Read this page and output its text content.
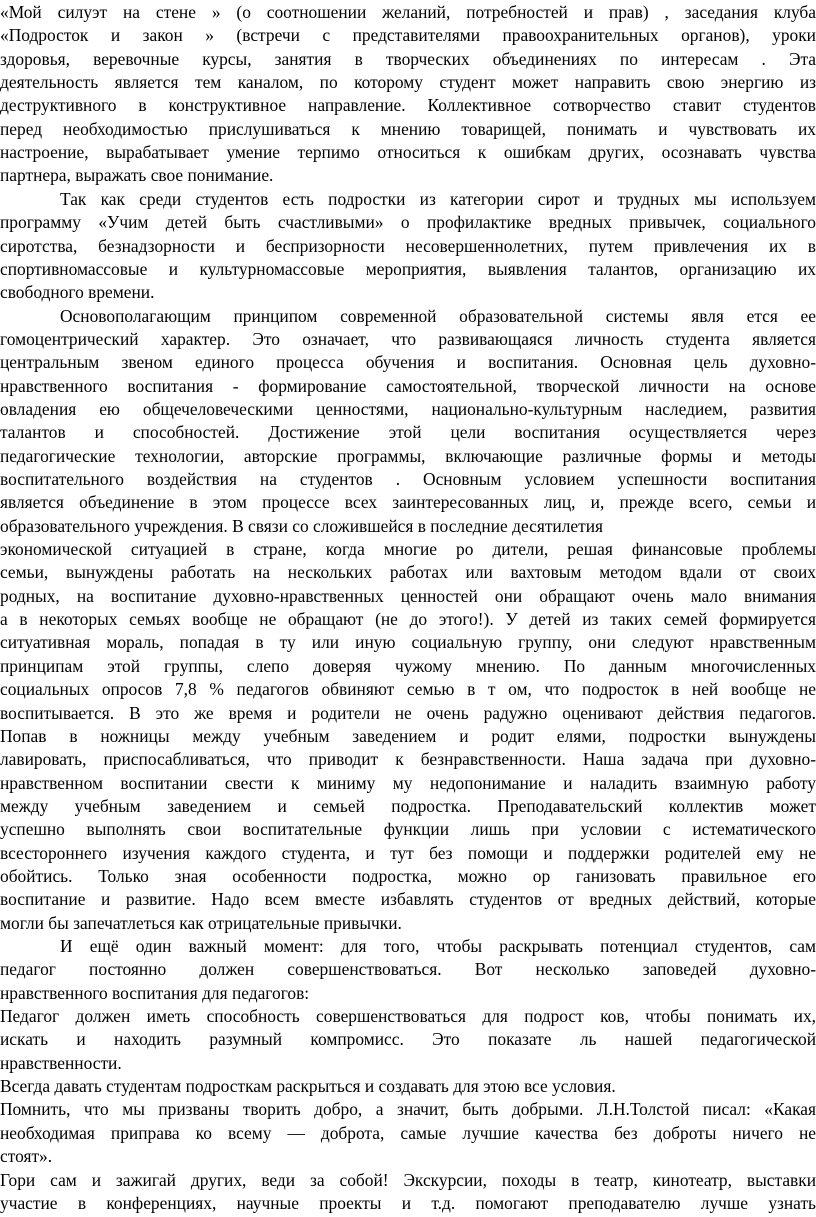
«Мой силуэт на стене » (о соотношении желаний, потребностей и прав) , заседания клуба
«Подросток и закон » (встречи с представителями правоохранительных органов), уроки
здоровья, веревочные курсы, занятия в творческих объединениях по интересам . Эта
деятельность является тем каналом, по которому студент может направить свою энергию из
деструктивного в конструктивное направление. Коллективное сотворчество ставит студентов
перед необходимостью прислушиваться к мнению товарищей, понимать и чувствовать их
настроение, вырабатывает умение терпимо относиться к ошибкам других, осознавать чувства
партнера, выражать свое понимание.
Так как среди студентов есть подростки из категории сирот и трудных мы используем
программу «Учим детей быть счастливыми» о профилактике вредных привычек, социального
сиротства, безнадзорности и беспризорности несовершеннолетних, путем привлечения их в
спортивномассовые и культурномассовые мероприятия, выявления талантов, организацию их
свободного времени.
Основополагающим принципом современной образовательной системы явля ется ее
гомоцентрический характер. Это означает, что развивающаяся личность студента является
центральным звеном единого процесса обучения и воспитания. Основная цель духовно-
нравственного воспитания - формирование самостоятельной, творческой личности на основе
овладения ею общечеловеческими ценностями, национально-культурным наследием, развития
талантов и способностей. Достижение этой цели воспитания осуществляется через
педагогические технологии, авторские программы, включающие различные формы и методы
воспитательного воздействия на студентов . Основным условием успешности воспитания
является объединение в этом процессе всех заинтересованных лиц, и, прежде всего, семьи и
образовательного учреждения. В связи со сложившейся в последние десятилетия
экономической ситуацией в стране, когда многие ро дители, решая финансовые проблемы
семьи, вынуждены работать на нескольких работах или вахтовым методом вдали от своих
родных, на воспитание духовно-нравственных ценностей они обращают очень мало внимания
а в некоторых семьях вообще не обращают (не до этого!). У детей из таких семей формируется
ситуативная мораль, попадая в ту или иную социальную группу, они следуют нравственным
принципам этой группы, слепо доверяя чужому мнению. По данным многочисленных
социальных опросов 7,8 % педагогов обвиняют семью в т ом, что подросток в ней вообще не
воспитывается. В это же время и родители не очень радужно оценивают действия педагогов.
Попав в ножницы между учебным заведением и родит елями, подростки вынуждены
лавировать, приспосабливаться, что приводит к безнравственности. Наша задача при духовно-
нравственном воспитании свести к миниму му недопонимание и наладить взаимную работу
между учебным заведением и семьей подростка. Преподавательский коллектив может
успешно выполнять свои воспитательные функции лишь при условии с истематического
всестороннего изучения каждого студента, и тут без помощи и поддержки родителей ему не
обойтись. Только зная особенности подростка, можно ор ганизовать правильное его
воспитание и развитие. Надо всем вместе избавлять студентов от вредных действий, которые
могли бы запечатлеться как отрицательные привычки.
И ещё один важный момент: для того, чтобы раскрывать потенциал студентов, сам
педагог постоянно должен совершенствоваться. Вот несколько заповедей духовно-
нравственного воспитания для педагогов:
Педагог должен иметь способность совершенствоваться для подрост ков, чтобы понимать их,
искать и находить разумный компромисс. Это показате ль нашей педагогической
нравственности.
Всегда давать студентам подросткам раскрыться и создавать для этою все условия.
Помнить, что мы призваны творить добро, а значит, быть добрыми. Л.Н.Толстой писал: «Какая
необходимая приправа ко всему — доброта, самые лучшие качества без доброты ничего не
стоят».
Гори сам и зажигай других, веди за собой! Экскурсии, походы в театр, кинотеатр, выставки
участие в конференциях, научные проекты и т.д. помогают преподавателю лучше узнать
